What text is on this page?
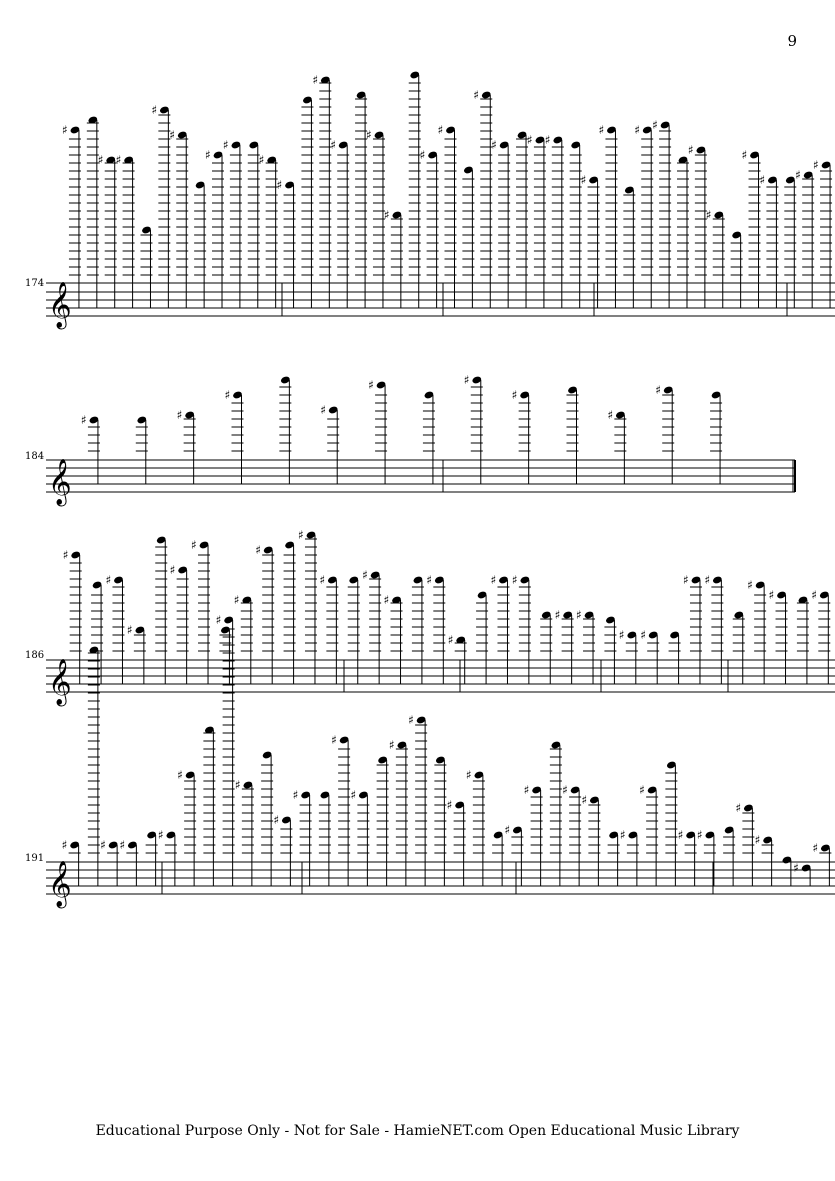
9
174 𝄞
♯
♯ ♯
♯
♯
♯
♯
♯
♯
♯
♯
♯
♯
♯
♯
♯
♯ ♯ ♯
♯
♯ ♯ ♯
♯
♯
♯
♯ ♯
♯
184
𝄞
♯	♯
♯
♯
♯	♯
♯
♯
♯
186
𝄞
♯
♯
♯
♯
♯
♯
♯
♯
♯	♯
♯
♯
♯
♯ ♯
♯ ♯
♯ ♯
♯ ♯	♯
♯	♯
191
𝄞
♯	♯ ♯
♯
♯
♯
♯
♯
♯
♯
♯
♯
♯
♯
♯
♯
♯	♯
♯
♯
♯
♯ ♯
♯
♯
♯
♯
Educational Purpose Only - Not for Sale - HamieNET.com Open Educational Music Library
